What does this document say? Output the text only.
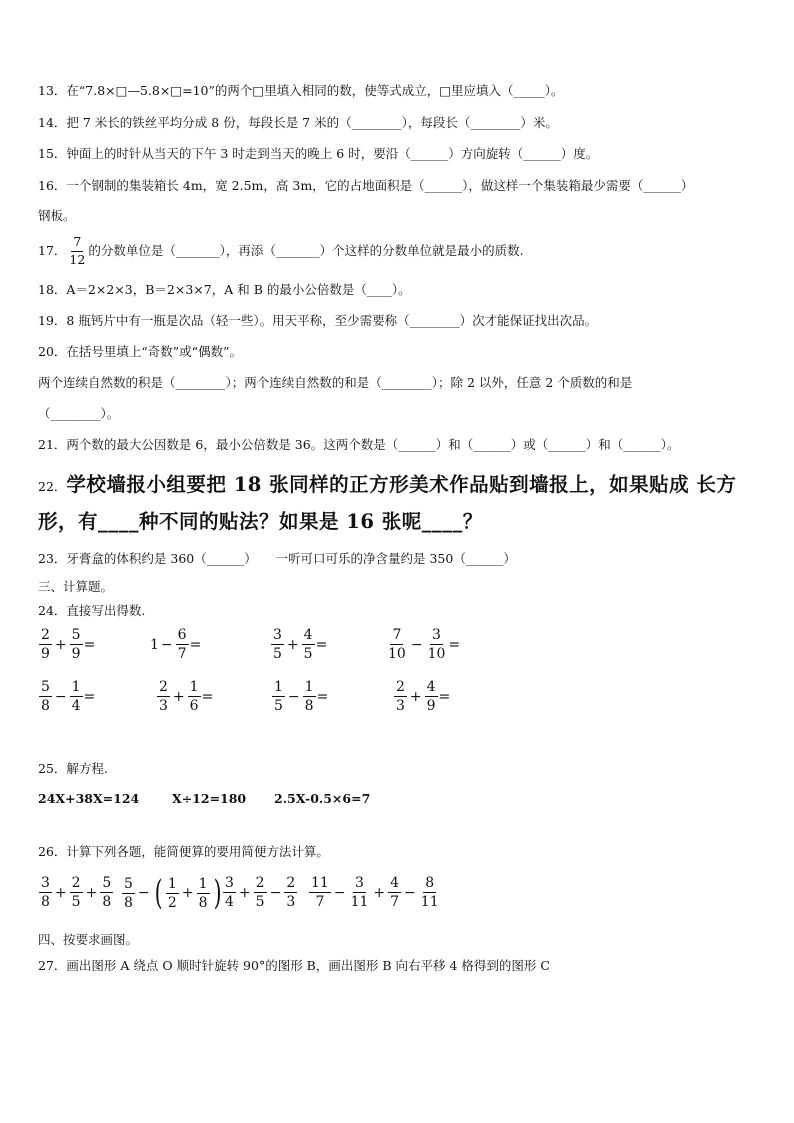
13．在“7.8×□—5.8×□=10”的两个□里填入相同的数，使等式成立，□里应填入（_____）。
14．把 7 米长的铁丝平均分成 8 份，每段长是 7 米的（________），每段长（________）米。
15．钟面上的时针从当天的下午 3 时走到当天的晚上 6 时，要沿（______）方向旋转（______）度。
16．一个钢制的集装箱长 4m，宽 2.5m，高 3m，它的占地面积是（______），做这样一个集装箱最少需要（______）
钢板。
17． $\frac{7}{12}$ 的分数单位是（_______），再添（_______）个这样的分数单位就是最小的质数.
18．A＝2×2×3，B＝2×3×7，A 和 B 的最小公倍数是（____）。
19．8 瓶钙片中有一瓶是次品（轻一些）。用天平称，至少需要称（________）次才能保证找出次品。
20．在括号里填上“奇数”或“偶数”。
两个连续自然数的积是（________）；两个连续自然数的和是（________）；除 2 以外，任意 2 个质数的和是
（________）。
21．两个数的最大公因数是 6，最小公倍数是 36。这两个数是（______）和（______）或（______）和（______）。
22． 学校墙报小组要把 18 张同样的正方形美术作品贴到墙报上，如果贴成 长方
形，有____种不同的贴法？如果是 16 张呢____？
23．牙膏盒的体积约是 360（______）　　一听可口可乐的净含量约是 350（______）
三、计算题。
24．直接写出得数.
$\frac{2}{9} + \frac{5}{9}$ =	$1 - \frac{6}{7}$ =	$\frac{3}{5} + \frac{4}{5}$ =	$\frac{7}{10} - \frac{3}{10}$ =
$\frac{5}{8} - \frac{1}{4}$ =	$\frac{2}{3} + \frac{1}{6}$ =	$\frac{1}{5} - \frac{1}{8}$ =	$\frac{2}{3} + \frac{4}{9}$ =
25．解方程.
24X+38X=124	X÷12=180 2.5X-0.5×6=7
26．计算下列各题，能简便算的要用简便方法计算。
$\frac{3}{8} + \frac{2}{5} + \frac{5}{8} \frac{5}{8}$ − ( $\frac{1}{2} + \frac{1}{8}$ ) $\frac{3}{4} + \frac{2}{5} - \frac{2}{3} \frac{11}{7} - \frac{3}{11} + \frac{4}{7} - \frac{8}{11}$
四、按要求画图。
27．画出图形 A 绕点 O 顺时针旋转 90°的图形 B，画出图形 B 向右平移 4 格得到的图形 C
